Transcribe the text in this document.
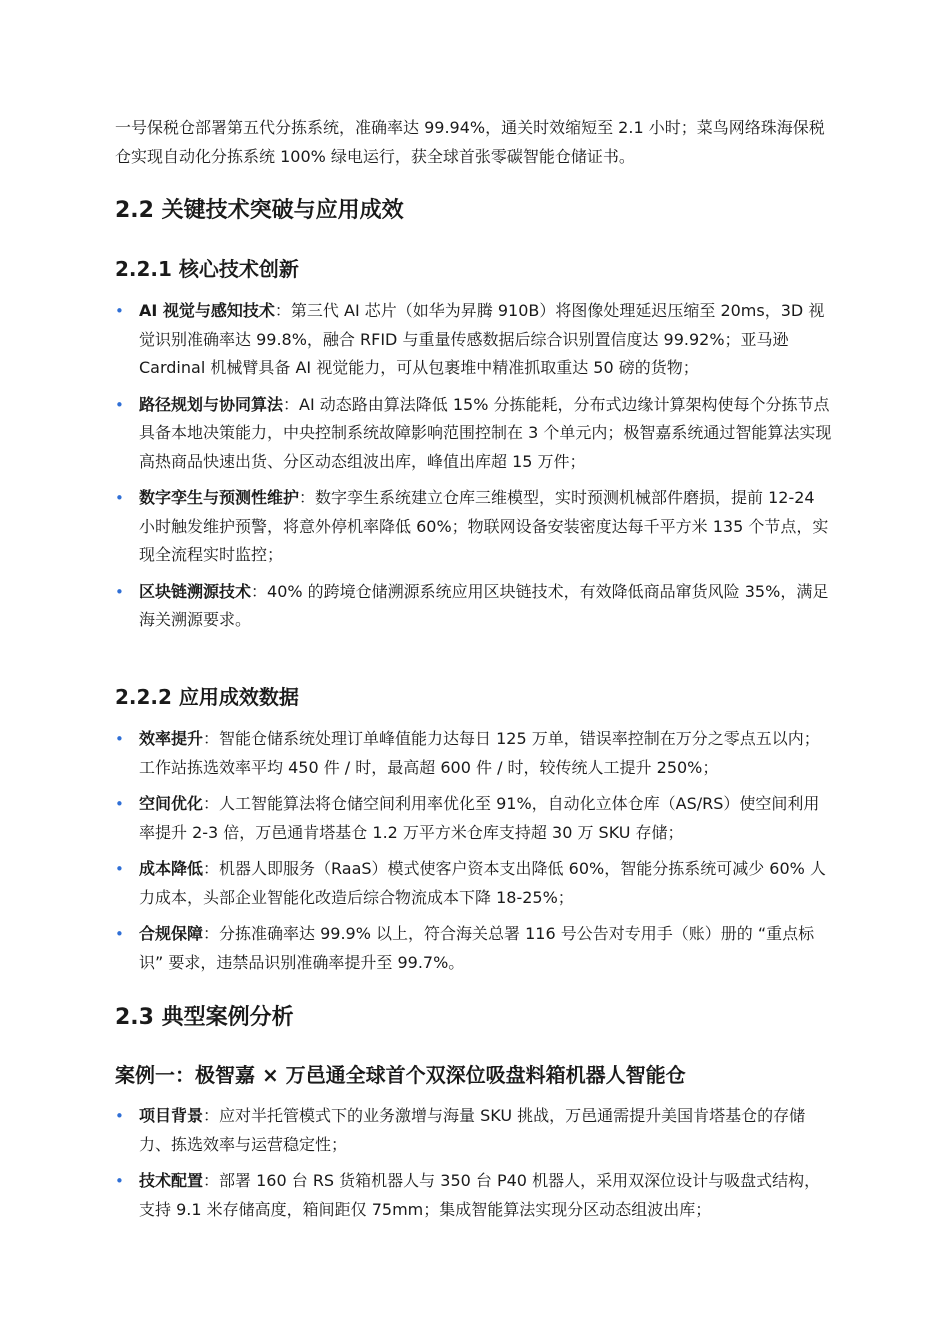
一号保税仓部署第五代分拣系统，准确率达 99.94%，通关时效缩短至 2.1 小时；菜鸟网络珠海保税仓实现自动化分拣系统 100% 绿电运行，获全球首张零碳智能仓储证书。

2.2 关键技术突破与应用成效
2.2.1 核心技术创新
• AI 视觉与感知技术：第三代 AI 芯片（如华为昇腾 910B）将图像处理延迟压缩至 20ms，3D 视觉识别准确率达 99.8%，融合 RFID 与重量传感数据后综合识别置信度达 99.92%；亚马逊 Cardinal 机械臂具备 AI 视觉能力，可从包裹堆中精准抓取重达 50 磅的货物；
• 路径规划与协同算法：AI 动态路由算法降低 15% 分拣能耗，分布式边缘计算架构使每个分拣节点具备本地决策能力，中央控制系统故障影响范围控制在 3 个单元内；极智嘉系统通过智能算法实现高热商品快速出货、分区动态组波出库，峰值出库超 15 万件；
• 数字孪生与预测性维护：数字孪生系统建立仓库三维模型，实时预测机械部件磨损，提前 12-24 小时触发维护预警，将意外停机率降低 60%；物联网设备安装密度达每千平方米 135 个节点，实现全流程实时监控；
• 区块链溯源技术：40% 的跨境仓储溯源系统应用区块链技术，有效降低商品窜货风险 35%，满足海关溯源要求。
2.2.2 应用成效数据
• 效率提升：智能仓储系统处理订单峰值能力达每日 125 万单，错误率控制在万分之零点五以内；工作站拣选效率平均 450 件 / 时，最高超 600 件 / 时，较传统人工提升 250%；
• 空间优化：人工智能算法将仓储空间利用率优化至 91%，自动化立体仓库（AS/RS）使空间利用率提升 2-3 倍，万邑通肯塔基仓 1.2 万平方米仓库支持超 30 万 SKU 存储；
• 成本降低：机器人即服务（RaaS）模式使客户资本支出降低 60%，智能分拣系统可减少 60% 人力成本，头部企业智能化改造后综合物流成本下降 18-25%；
• 合规保障：分拣准确率达 99.9% 以上，符合海关总署 116 号公告对专用手（账）册的 “重点标识” 要求，违禁品识别准确率提升至 99.7%。
2.3 典型案例分析
案例一：极智嘉 × 万邑通全球首个双深位吸盘料箱机器人智能仓
• 项目背景：应对半托管模式下的业务激增与海量 SKU 挑战，万邑通需提升美国肯塔基仓的存储力、拣选效率与运营稳定性；
• 技术配置：部署 160 台 RS 货箱机器人与 350 台 P40 机器人，采用双深位设计与吸盘式结构，支持 9.1 米存储高度，箱间距仅 75mm；集成智能算法实现分区动态组波出库；
